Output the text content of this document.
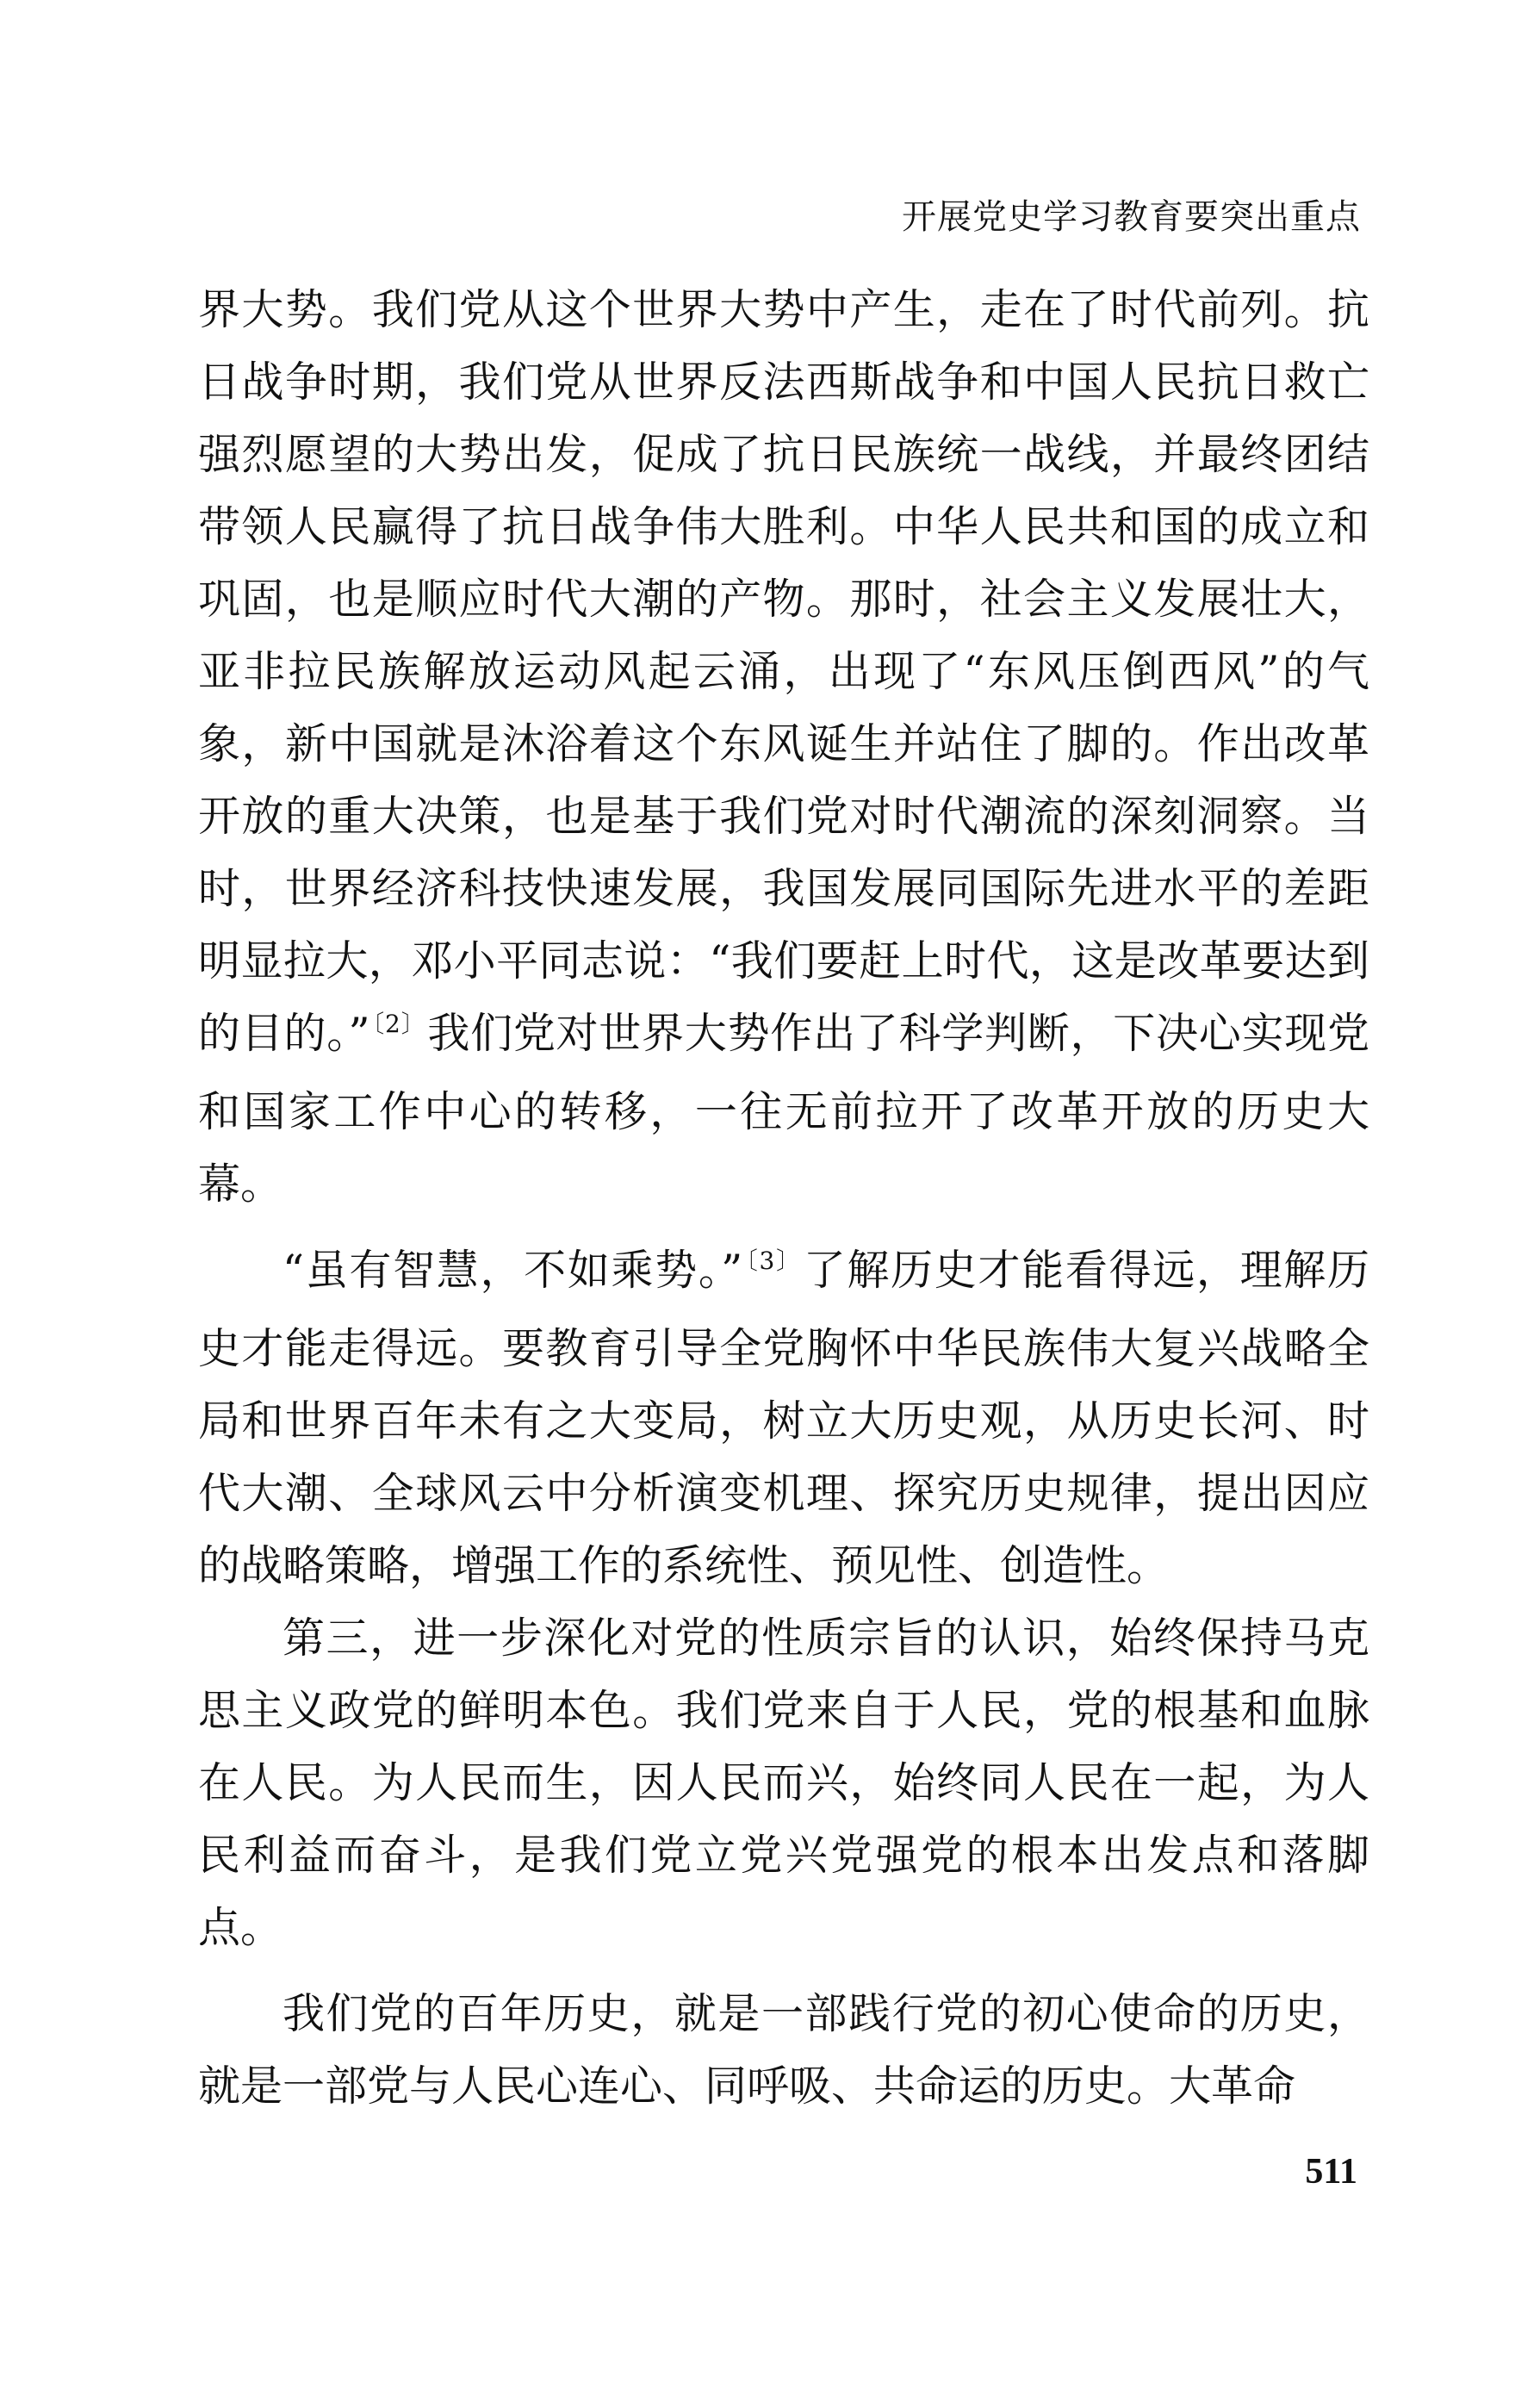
开展党史学习教育要突出重点

界大势。我们党从这个世界大势中产生，走在了时代前列。抗日战争时期，我们党从世界反法西斯战争和中国人民抗日救亡强烈愿望的大势出发，促成了抗日民族统一战线，并最终团结带领人民赢得了抗日战争伟大胜利。中华人民共和国的成立和巩固，也是顺应时代大潮的产物。那时，社会主义发展壮大，亚非拉民族解放运动风起云涌，出现了“东风压倒西风”的气象，新中国就是沐浴着这个东风诞生并站住了脚的。作出改革开放的重大决策，也是基于我们党对时代潮流的深刻洞察。当时，世界经济科技快速发展，我国发展同国际先进水平的差距明显拉大，邓小平同志说：“我们要赶上时代，这是改革要达到的目的。”$^{〔2〕}$我们党对世界大势作出了科学判断，下决心实现党和国家工作中心的转移，一往无前拉开了改革开放的历史大幕。

“虽有智慧，不如乘势。”$^{〔3〕}$了解历史才能看得远，理解历史才能走得远。要教育引导全党胸怀中华民族伟大复兴战略全局和世界百年未有之大变局，树立大历史观，从历史长河、时代大潮、全球风云中分析演变机理、探究历史规律，提出因应的战略策略，增强工作的系统性、预见性、创造性。

第三，进一步深化对党的性质宗旨的认识，始终保持马克思主义政党的鲜明本色。我们党来自于人民，党的根基和血脉在人民。为人民而生，因人民而兴，始终同人民在一起，为人民利益而奋斗，是我们党立党兴党强党的根本出发点和落脚点。

我们党的百年历史，就是一部践行党的初心使命的历史，就是一部党与人民心连心、同呼吸、共命运的历史。大革命

511
